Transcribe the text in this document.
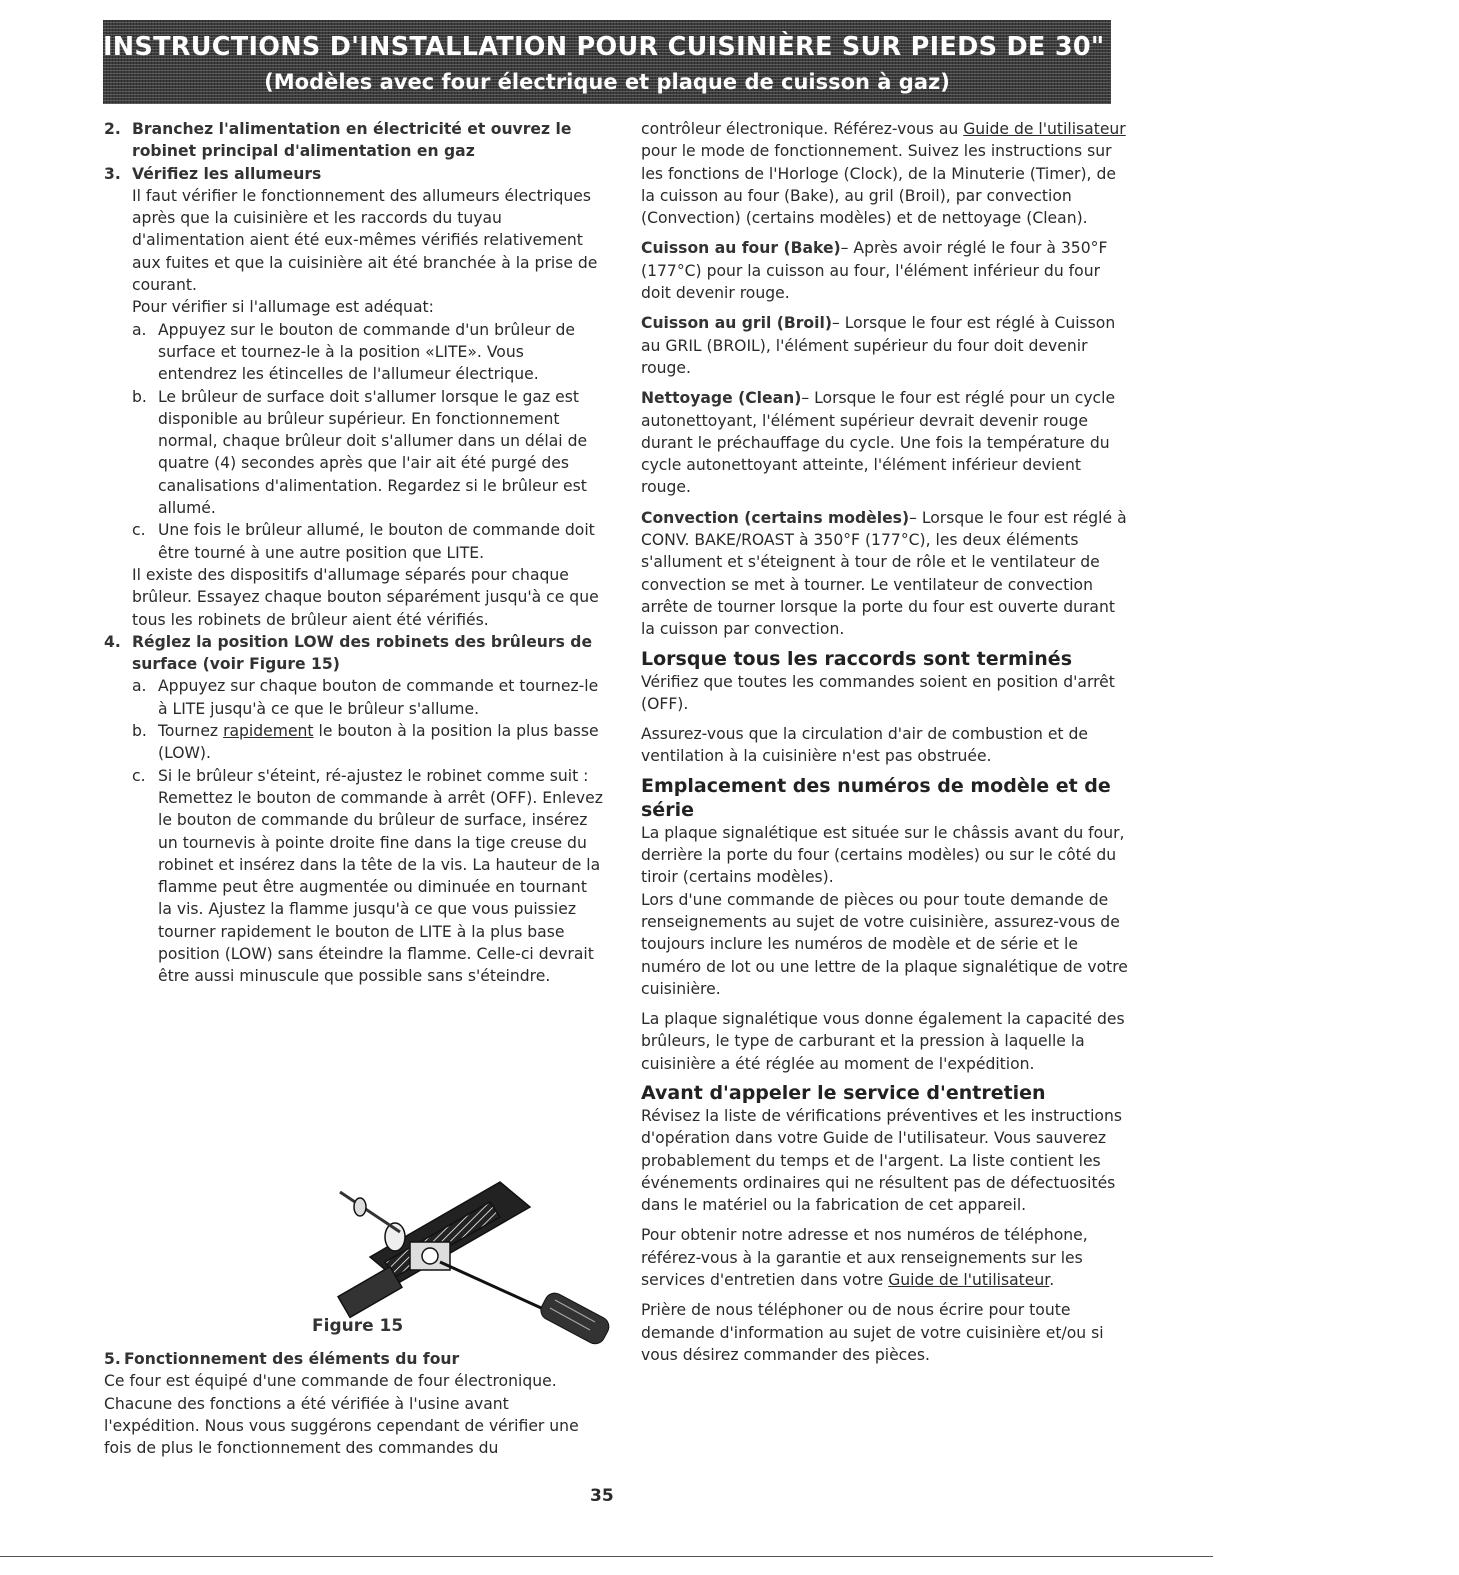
INSTRUCTIONS D'INSTALLATION POUR CUISINIÈRE SUR PIEDS DE 30" À ALIMENTATION MIXTE
(Modèles avec four électrique et plaque de cuisson à gaz)
2. Branchez l'alimentation en électricité et ouvrez le robinet principal d'alimentation en gaz
3. Vérifiez les allumeurs

Il faut vérifier le fonctionnement des allumeurs électriques après que la cuisinière et les raccords du tuyau d'alimentation aient été eux-mêmes vérifiés relativement aux fuites et que la cuisinière ait été branchée à la prise de courant.

Pour vérifier si l'allumage est adéquat:

a. Appuyez sur le bouton de commande d'un brûleur de surface et tournez-le à la position «LITE». Vous entendrez les étincelles de l'allumeur électrique.
b. Le brûleur de surface doit s'allumer lorsque le gaz est disponible au brûleur supérieur. En fonctionnement normal, chaque brûleur doit s'allumer dans un délai de quatre (4) secondes après que l'air ait été purgé des canalisations d'alimentation. Regardez si le brûleur est allumé.
c. Une fois le brûleur allumé, le bouton de commande doit être tourné à une autre position que LITE.

Il existe des dispositifs d'allumage séparés pour chaque brûleur. Essayez chaque bouton séparément jusqu'à ce que tous les robinets de brûleur aient été vérifiés.

4. Réglez la position LOW des robinets des brûleurs de surface (voir Figure 15)
a. Appuyez sur chaque bouton de commande et tournez-le à LITE jusqu'à ce que le brûleur s'allume.
b. Tournez rapidement le bouton à la position la plus basse (LOW).
c. Si le brûleur s'éteint, ré-ajustez le robinet comme suit : Remettez le bouton de commande à arrêt (OFF). Enlevez le bouton de commande du brûleur de surface, insérez un tournevis à pointe droite fine dans la tige creuse du robinet et insérez dans la tête de la vis. La hauteur de la flamme peut être augmentée ou diminuée en tournant la vis. Ajustez la flamme jusqu'à ce que vous puissiez tourner rapidement le bouton de LITE à la plus base position (LOW) sans éteindre la flamme. Celle-ci devrait être aussi minuscule que possible sans s'éteindre.
Figure 15
5. Fonctionnement des éléments du four

Ce four est équipé d'une commande de four électronique. Chacune des fonctions a été vérifiée à l'usine avant l'expédition. Nous vous suggérons cependant de vérifier une fois de plus le fonctionnement des commandes du

contrôleur électronique. Référez-vous au Guide de l'utilisateur pour le mode de fonctionnement. Suivez les instructions sur les fonctions de l'Horloge (Clock), de la Minuterie (Timer), de la cuisson au four (Bake), au gril (Broil), par convection (Convection) (certains modèles) et de nettoyage (Clean).

Cuisson au four (Bake)– Après avoir réglé le four à 350°F (177°C) pour la cuisson au four, l'élément inférieur du four doit devenir rouge.

Cuisson au gril (Broil)– Lorsque le four est réglé à Cuisson au GRIL (BROIL), l'élément supérieur du four doit devenir rouge.

Nettoyage (Clean)– Lorsque le four est réglé pour un cycle autonettoyant, l'élément supérieur devrait devenir rouge durant le préchauffage du cycle. Une fois la température du cycle autonettoyant atteinte, l'élément inférieur devient rouge.

Convection (certains modèles)– Lorsque le four est réglé à CONV. BAKE/ROAST à 350°F (177°C), les deux éléments s'allument et s'éteignent à tour de rôle et le ventilateur de convection se met à tourner. Le ventilateur de convection arrête de tourner lorsque la porte du four est ouverte durant la cuisson par convection.

Lorsque tous les raccords sont terminés

Vérifiez que toutes les commandes soient en position d'arrêt (OFF).

Assurez-vous que la circulation d'air de combustion et de ventilation à la cuisinière n'est pas obstruée.

Emplacement des numéros de modèle et de série

La plaque signalétique est située sur le châssis avant du four, derrière la porte du four (certains modèles) ou sur le côté du tiroir (certains modèles).

Lors d'une commande de pièces ou pour toute demande de renseignements au sujet de votre cuisinière, assurez-vous de toujours inclure les numéros de modèle et de série et le numéro de lot ou une lettre de la plaque signalétique de votre cuisinière.

La plaque signalétique vous donne également la capacité des brûleurs, le type de carburant et la pression à laquelle la cuisinière a été réglée au moment de l'expédition.

Avant d'appeler le service d'entretien

Révisez la liste de vérifications préventives et les instructions d'opération dans votre Guide de l'utilisateur. Vous sauverez probablement du temps et de l'argent. La liste contient les événements ordinaires qui ne résultent pas de défectuosités dans le matériel ou la fabrication de cet appareil.

Pour obtenir notre adresse et nos numéros de téléphone, référez-vous à la garantie et aux renseignements sur les services d'entretien dans votre Guide de l'utilisateur.

Prière de nous téléphoner ou de nous écrire pour toute demande d'information au sujet de votre cuisinière et/ou si vous désirez commander des pièces.

35
